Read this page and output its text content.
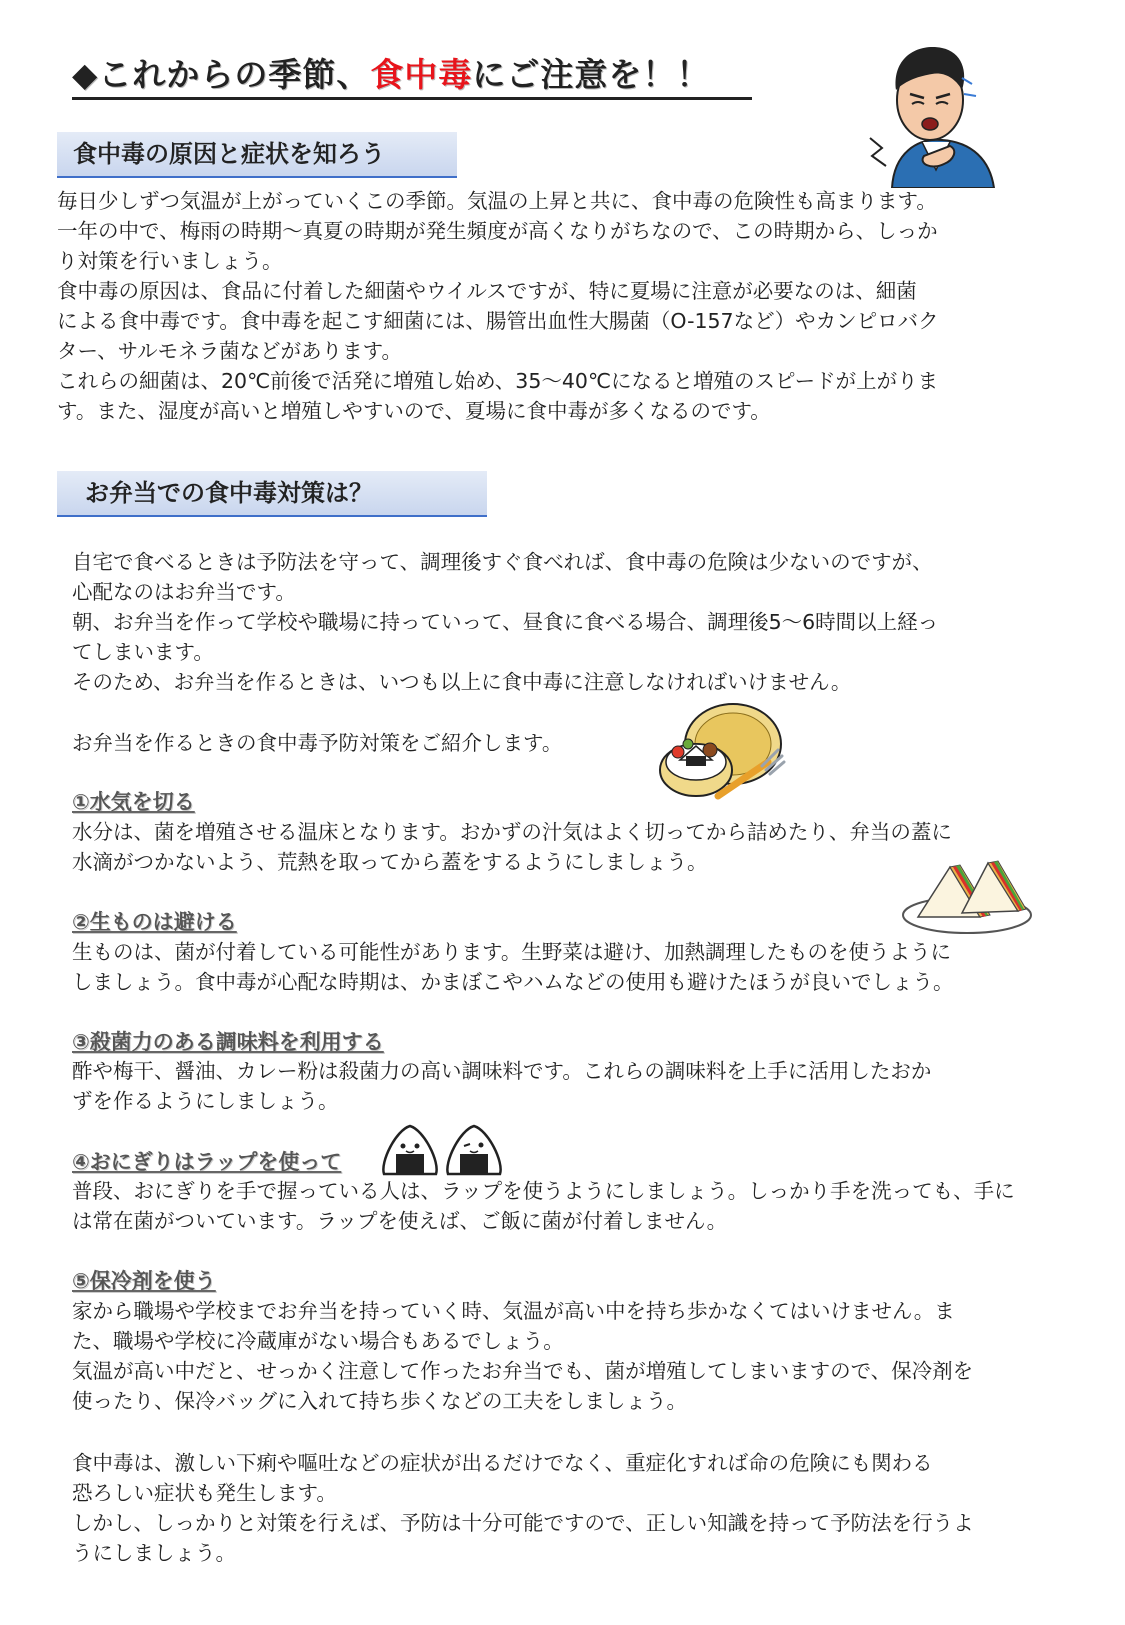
◆これからの季節、食中毒にご注意を！！
食中毒の原因と症状を知ろう
毎日少しずつ気温が上がっていくこの季節。気温の上昇と共に、食中毒の危険性も高まります。
一年の中で、梅雨の時期～真夏の時期が発生頻度が高くなりがちなので、この時期から、しっか
り対策を行いましょう。
食中毒の原因は、食品に付着した細菌やウイルスですが、特に夏場に注意が必要なのは、細菌
による食中毒です。食中毒を起こす細菌には、腸管出血性大腸菌（O-157など）やカンピロバク
ター、サルモネラ菌などがあります。
これらの細菌は、20℃前後で活発に増殖し始め、35～40℃になると増殖のスピードが上がりま
す。また、湿度が高いと増殖しやすいので、夏場に食中毒が多くなるのです。
お弁当での食中毒対策は？
自宅で食べるときは予防法を守って、調理後すぐ食べれば、食中毒の危険は少ないのですが、
心配なのはお弁当です。
朝、お弁当を作って学校や職場に持っていって、昼食に食べる場合、調理後5～6時間以上経っ
てしまいます。
そのため、お弁当を作るときは、いつも以上に食中毒に注意しなければいけません。
お弁当を作るときの食中毒予防対策をご紹介します。
①水気を切る
水分は、菌を増殖させる温床となります。おかずの汁気はよく切ってから詰めたり、弁当の蓋に
水滴がつかないよう、荒熱を取ってから蓋をするようにしましょう。
②生ものは避ける
生ものは、菌が付着している可能性があります。生野菜は避け、加熱調理したものを使うように
しましょう。食中毒が心配な時期は、かまぼこやハムなどの使用も避けたほうが良いでしょう。
③殺菌力のある調味料を利用する
酢や梅干、醤油、カレー粉は殺菌力の高い調味料です。これらの調味料を上手に活用したおか
ずを作るようにしましょう。
④おにぎりはラップを使って
普段、おにぎりを手で握っている人は、ラップを使うようにしましょう。しっかり手を洗っても、手に
は常在菌がついています。ラップを使えば、ご飯に菌が付着しません。
⑤保冷剤を使う
家から職場や学校までお弁当を持っていく時、気温が高い中を持ち歩かなくてはいけません。ま
た、職場や学校に冷蔵庫がない場合もあるでしょう。
気温が高い中だと、せっかく注意して作ったお弁当でも、菌が増殖してしまいますので、保冷剤を
使ったり、保冷バッグに入れて持ち歩くなどの工夫をしましょう。
食中毒は、激しい下痢や嘔吐などの症状が出るだけでなく、重症化すれば命の危険にも関わる
恐ろしい症状も発生します。
しかし、しっかりと対策を行えば、予防は十分可能ですので、正しい知識を持って予防法を行うよ
うにしましょう。
